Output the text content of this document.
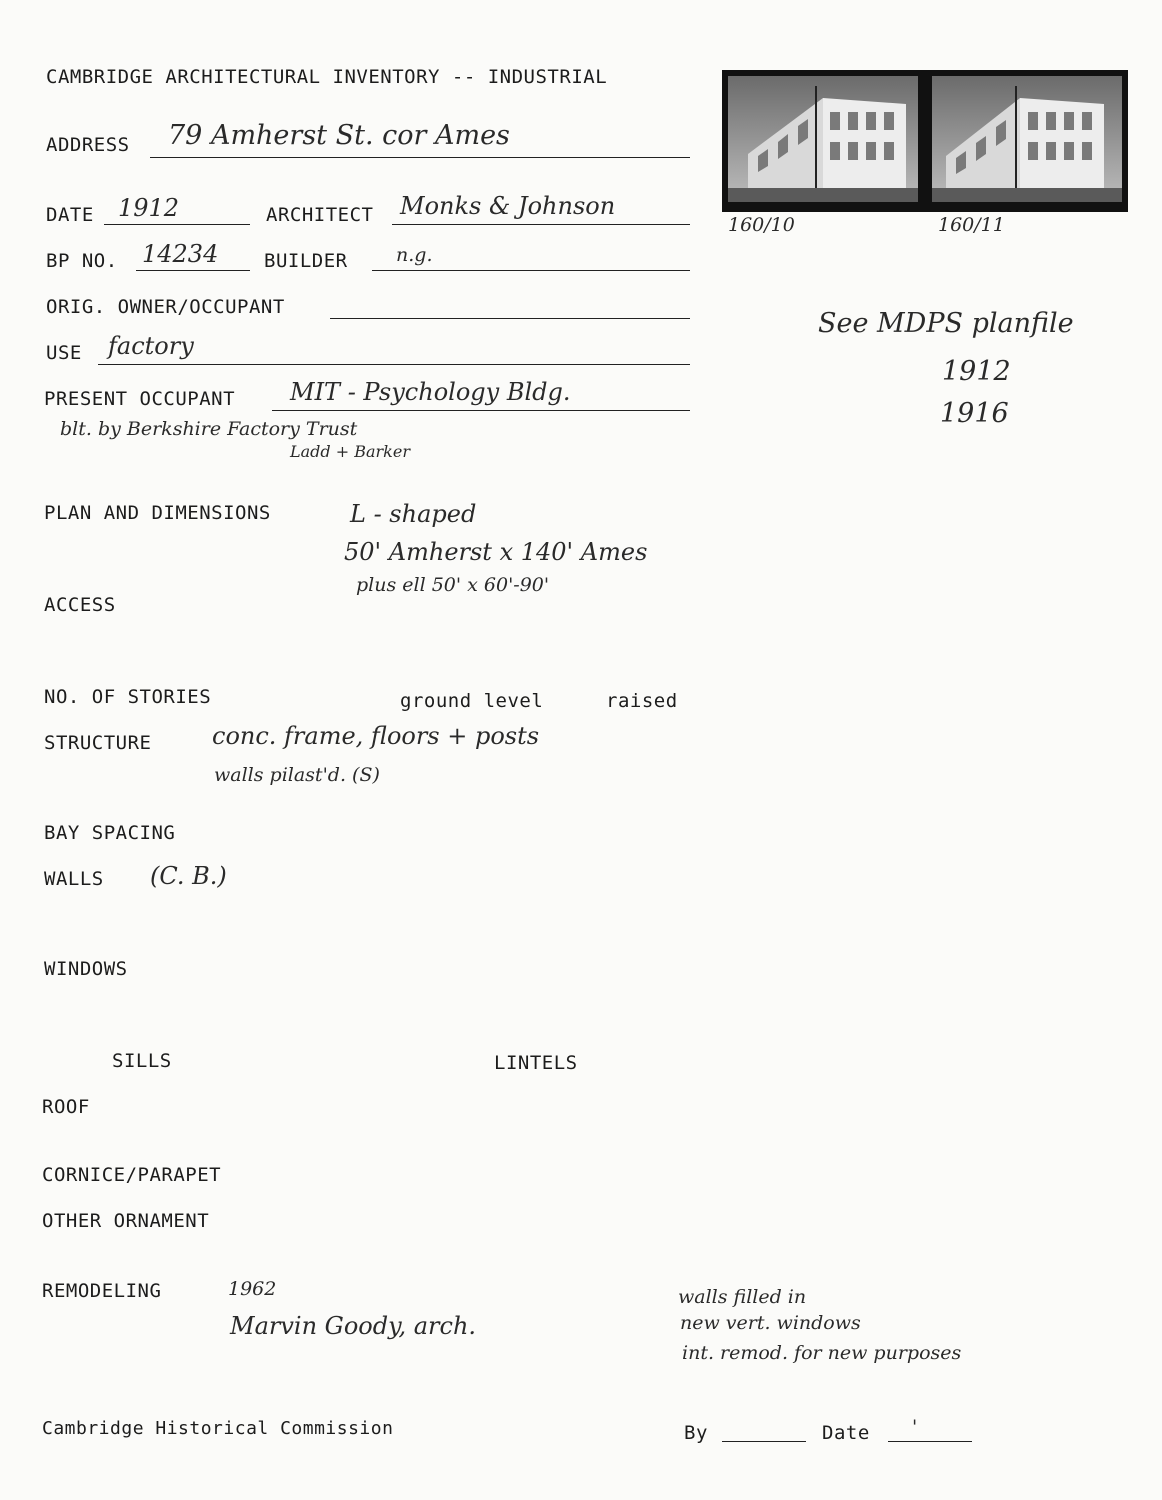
CAMBRIDGE ARCHITECTURAL INVENTORY -- INDUSTRIAL
160/10	160/11
ADDRESS 79 Amherst St. cor Ames
DATE 1912	ARCHITECT Monks & Johnson
BP NO. 14234 BUILDER	n.g.
ORIG. OWNER/OCCUPANT
USE factory
PRESENT OCCUPANT MIT - Psychology Bldg.
blt. by Berkshire Factory Trust
Ladd + Barker
See MDPS planfile
1912
1916
PLAN AND DIMENSIONS	L - shaped
50' Amherst x 140' Ames
plus ell 50' x 60'-90'
ACCESS
NO. OF STORIES	ground level	raised
STRUCTURE	conc. frame, floors + posts
walls pilast'd. (S)
BAY SPACING
WALLS (C. B.)
WINDOWS
SILLS	LINTELS
ROOF
CORNICE/PARAPET
OTHER ORNAMENT
REMODELING	1962
Marvin Goody, arch.
walls filled in
new vert. windows
int. remod. for new purposes
Cambridge Historical Commission	By	Date '
